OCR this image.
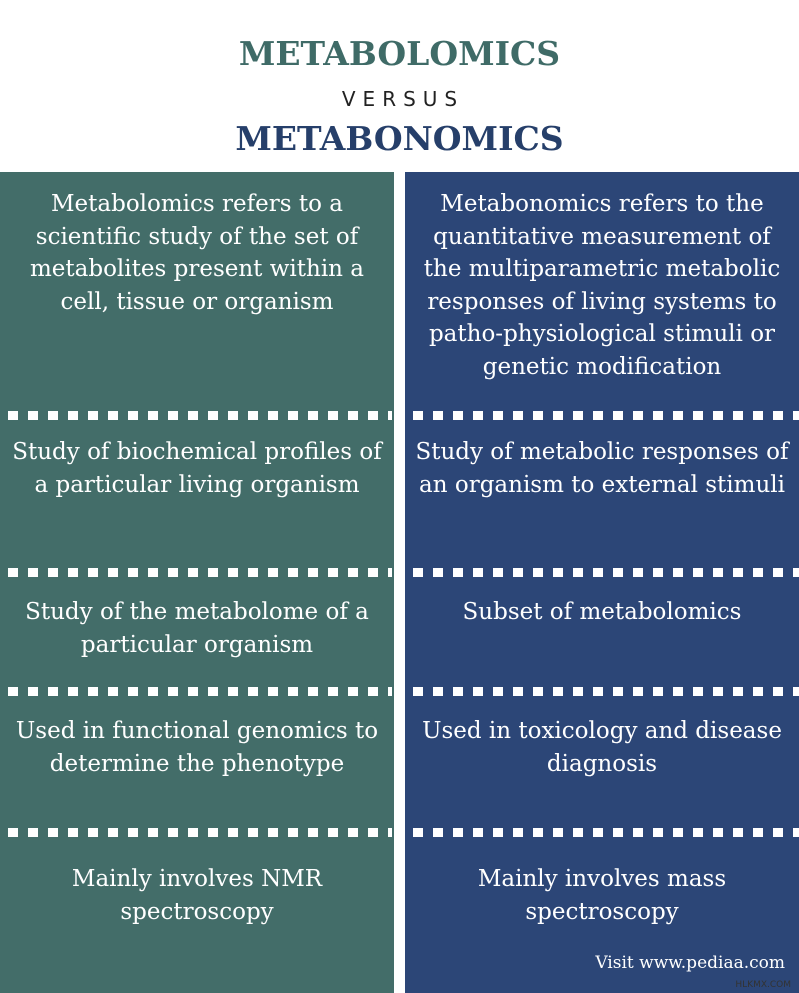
METABOLOMICS
VERSUS
METABONOMICS
Metabolomics refers to a scientific study of the set of metabolites present within a cell, tissue or organism
Study of biochemical profiles of a particular living organism
Study of the metabolome of a particular organism
Used in functional genomics to determine the phenotype
Mainly involves NMR spectroscopy
Metabonomics refers to the quantitative measurement of the multiparametric metabolic responses of living systems to patho-physiological stimuli or genetic modification
Study of metabolic responses of an organism to external stimuli
Subset of metabolomics
Used in toxicology and disease diagnosis
Mainly involves mass spectroscopy
Visit www.pediaa.com
HLKMX.COM
